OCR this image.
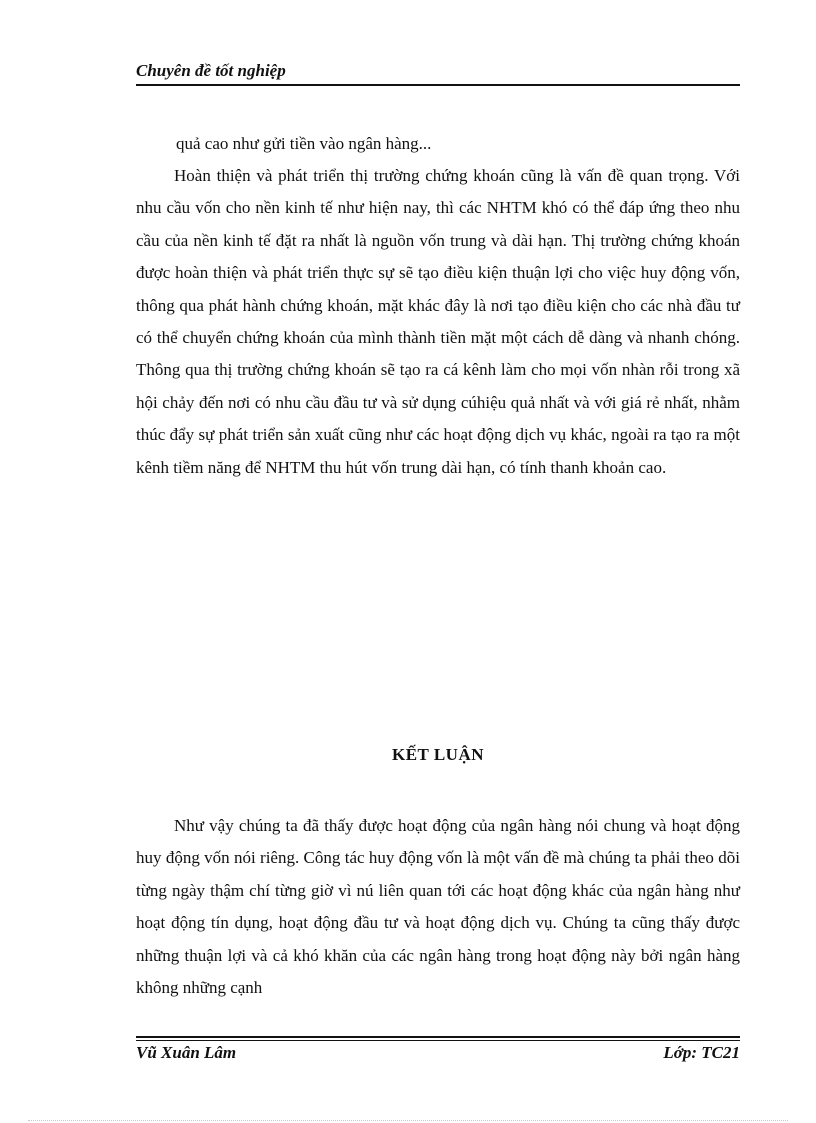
Chuyên đề tốt nghiệp
quả cao như gửi tiền vào ngân hàng...

Hoàn thiện và phát triển thị trường chứng khoán cũng là vấn đề quan trọng. Với nhu cầu vốn cho nền kinh tế như hiện nay, thì các NHTM khó có thể đáp ứng theo nhu cầu của nền kinh tế đặt ra nhất là nguồn vốn trung và dài hạn. Thị trường chứng khoán được hoàn thiện và phát triển thực sự sẽ tạo điều kiện thuận lợi cho việc huy động vốn, thông qua phát hành chứng khoán, mặt khác đây là nơi tạo điều kiện cho các nhà đầu tư có thể chuyển chứng khoán của mình thành tiền mặt một cách dễ dàng và nhanh chóng. Thông qua thị trường chứng khoán sẽ tạo ra cá kênh làm cho mọi vốn nhàn rỗi trong xã hội chảy đến nơi có nhu cầu đầu tư và sử dụng cúhiệu quả nhất và với giá rẻ nhất, nhằm thúc đẩy sự phát triển sản xuất cũng như các hoạt động dịch vụ khác, ngoài ra tạo ra một kênh tiềm năng để NHTM thu hút vốn trung dài hạn, có tính thanh khoản cao.

KẾT LUẬN

Như vậy chúng ta đã thấy được hoạt động của ngân hàng nói chung và hoạt động huy động vốn nói riêng. Công tác huy động vốn là một vấn đề mà chúng ta phải theo dõi từng ngày thậm chí từng giờ vì nú liên quan tới các hoạt động khác của ngân hàng như hoạt động tín dụng, hoạt động đầu tư và hoạt động dịch vụ. Chúng ta cũng thấy được những thuận lợi và cả khó khăn của các ngân hàng trong hoạt động này bởi ngân hàng không những cạnh

Vũ Xuân Lâm	Lớp: TC21
